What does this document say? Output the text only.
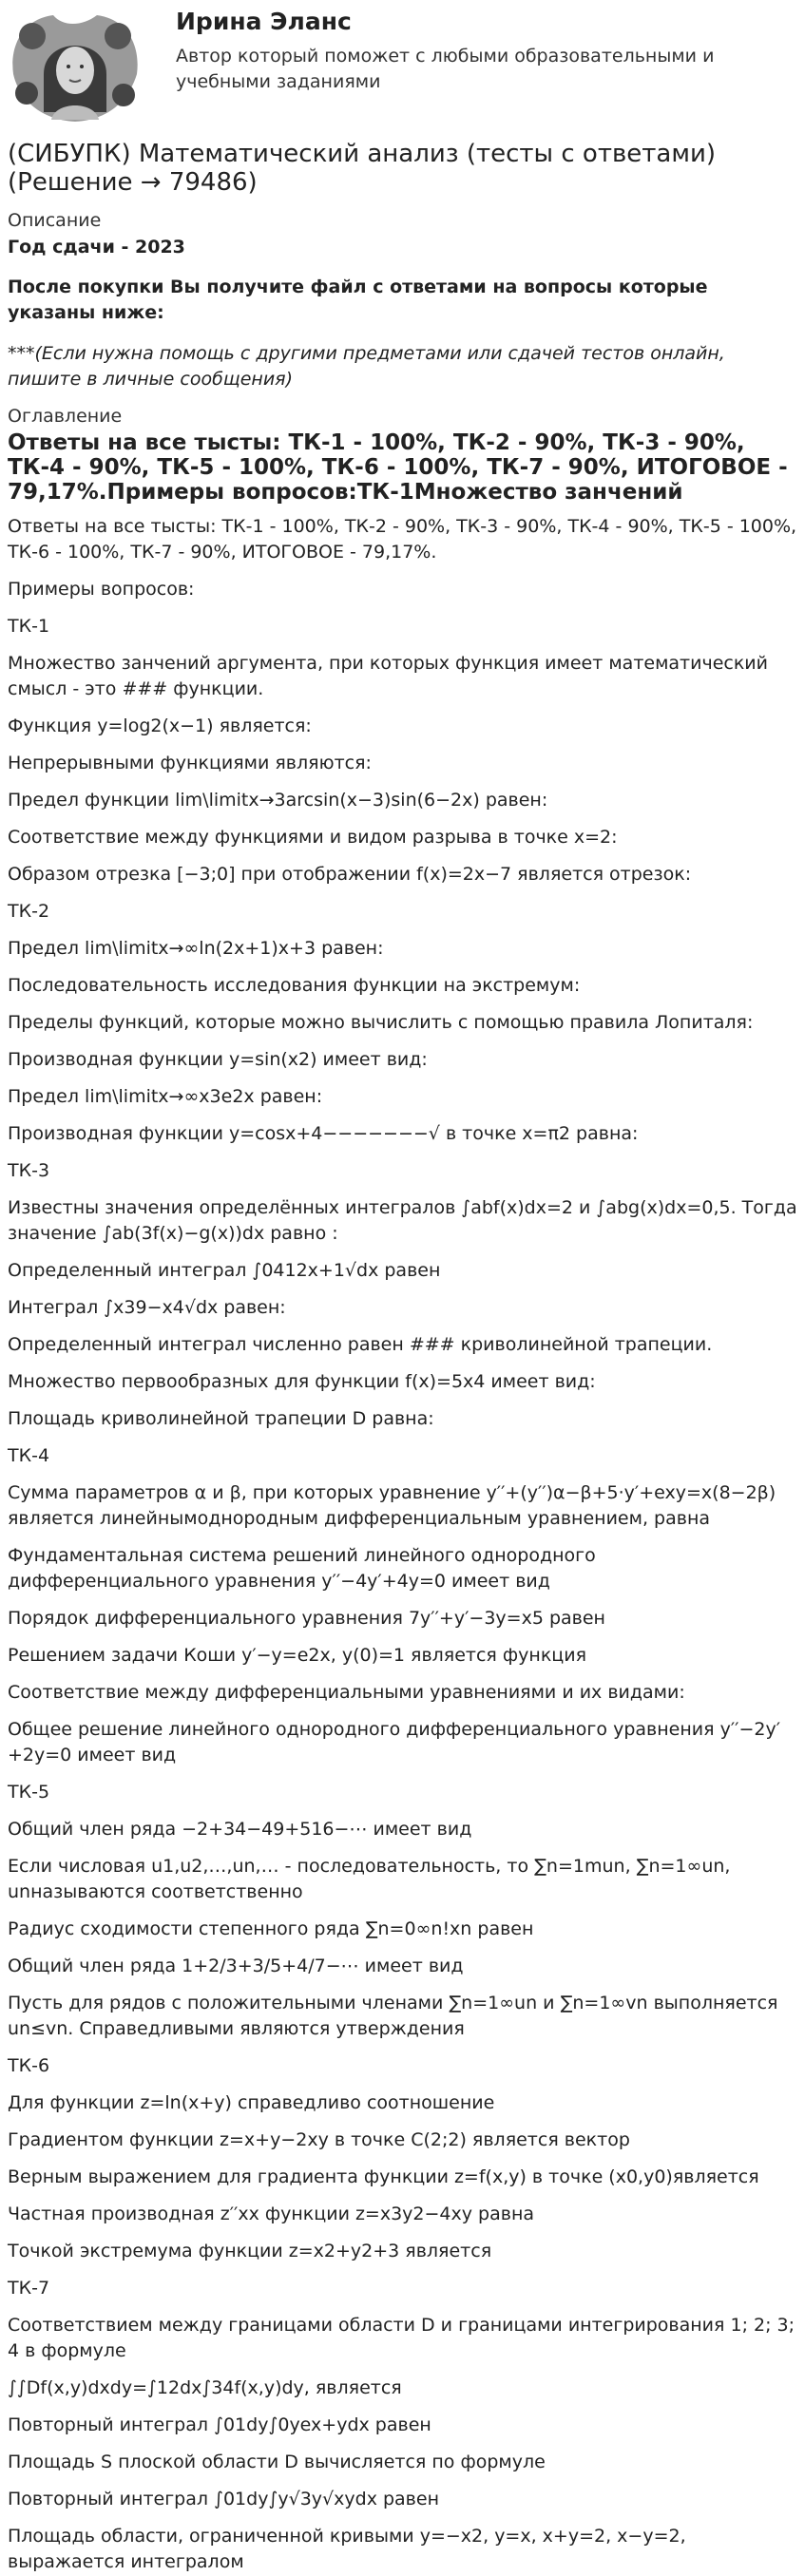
Ирина Эланс
Автор который поможет с любыми образовательными и учебными заданиями
(СИБУПК) Математический анализ (тесты с ответами) (Решение → 79486)
Описание
Год сдачи - 2023
После покупки Вы получите файл с ответами на вопросы которые указаны ниже:
***(Если нужна помощь с другими предметами или сдачей тестов онлайн, пишите в личные сообщения)
Оглавление
Ответы на все тысты: ТК-1 - 100%, ТК-2 - 90%, ТК-3 - 90%, ТК-4 - 90%, ТК-5 - 100%, ТК-6 - 100%, ТК-7 - 90%, ИТОГОВОЕ - 79,17%.Примеры вопросов:ТК-1Множество занчений
Ответы на все тысты: ТК-1 - 100%, ТК-2 - 90%, ТК-3 - 90%, ТК-4 - 90%, ТК-5 - 100%, ТК-6 - 100%, ТК-7 - 90%, ИТОГОВОЕ - 79,17%.
Примеры вопросов:
ТК-1
Множество занчений аргумента, при которых функция имеет математический смысл - это ### функции.
Функция y=log2(x−1) является:
Непрерывными функциями являются:
Предел функции lim\limitx→3arcsin(x−3)sin(6−2x) равен:
Соответствие между функциями и видом разрыва в точке x=2:
Образом отрезка [−3;0] при отображении f(x)=2x−7 является отрезок:
ТК-2
Предел lim\limitx→∞ln(2x+1)x+3 равен:
Последовательность исследования функции на экстремум:
Пределы функций, которые можно вычислить с помощью правила Лопиталя:
Производная функции y=sin(x2) имеет вид:
Предел lim\limitx→∞x3e2x равен:
Производная функции y=cosx+4−−−−−−−√ в точке x=π2 равна:
ТК-3
Известны значения определённых интегралов ∫abf(x)dx=2 и ∫abg(x)dx=0,5. Тогда значение ∫ab(3f(x)−g(x))dx равно :
Определенный интеграл ∫0412x+1√dx равен
Интеграл ∫x39−x4√dx равен:
Определенный интеграл численно равен ### криволинейной трапеции.
Множество первообразных для функции f(x)=5x4 имеет вид:
Площадь криволинейной трапеции D равна:
ТК-4
Сумма параметров α и β, при которых уравнение y′′+(y′′)α−β+5⋅y′+exy=x(8−2β) является линейнымоднородным дифференциальным уравнением, равна
Фундаментальная система решений линейного однородного дифференциального уравнения y′′−4y′+4y=0 имеет вид
Порядок дифференциального уравнения 7y′′+y′−3y=x5 равен
Решением задачи Коши y′−y=e2x, y(0)=1 является функция
Соответствие между дифференциальными уравнениями и их видами:
Общее решение линейного однородного дифференциального уравнения y′′−2y′+2y=0 имеет вид
ТК-5
Общий член ряда −2+34−49+516−⋯ имеет вид
Если числовая u1,u2,…,un,… - последовательность, то ∑n=1mun, ∑n=1∞un, unназываются соответственно
Радиус сходимости степенного ряда ∑n=0∞n!xn равен
Общий член ряда 1+2/3+3/5+4/7−⋯ имеет вид
Пусть для рядов с положительными членами ∑n=1∞un и ∑n=1∞vn выполняется un≤vn. Справедливыми являются утверждения
ТК-6
Для функции z=ln(x+y) справедливо соотношение
Градиентом функции z=x+y−2xy в точке C(2;2) является вектор
Верным выражением для градиента функции z=f(x,y) в точке (x0,y0)является
Частная производная z′′xx функции z=x3y2−4xy равна
Точкой экстремума функции z=x2+y2+3 является
ТК-7
Соответствием между границами области D и границами интегрирования 1; 2; 3; 4 в формуле
∫∫Df(x,y)dxdy=∫12dx∫34f(x,y)dy, является
Повторный интеграл ∫01dy∫0yex+ydx равен
Площадь S плоской области D вычисляется по формуле
Повторный интеграл ∫01dy∫y√3y√xydx равен
Площадь области, ограниченной кривыми y=−x2, y=x, x+y=2, x−y=2, выражается интегралом
